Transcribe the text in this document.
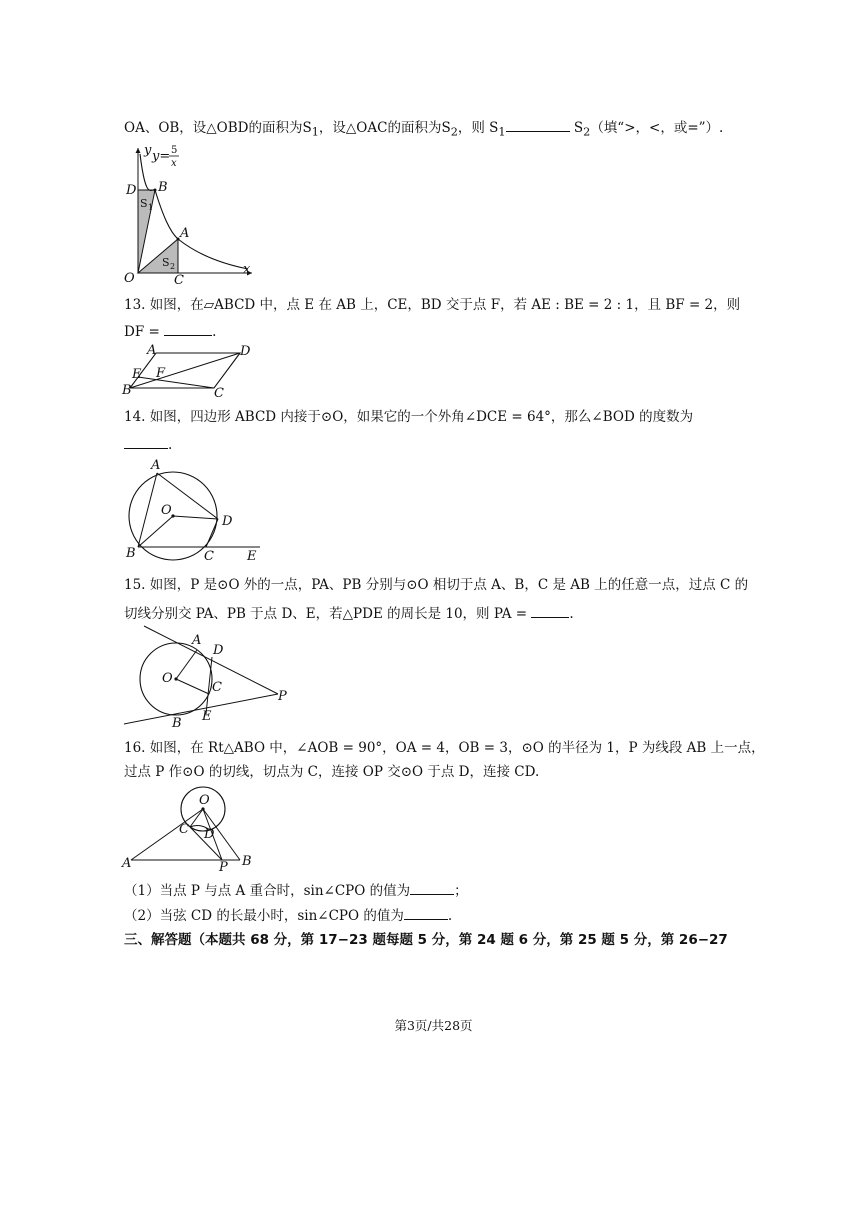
OA、OB，设△OBD的面积为$S_1$，设△OAC的面积为$S_2$，则 $S_1$	$S_2$（填“>，<，或=”）.
y y= 5
x
D B
S 1
A
S 2
O	C
x
13. 如图，在▱ABCD 中，点 E 在 AB 上，CE，BD 交于点 F，若 AE : BE = 2 : 1，且 BF = 2，则
DF =	.
A	D
E F
B	C
14. 如图，四边形 ABCD 内接于⊙O，如果它的一个外角∠DCE = 64°，那么∠BOD 的度数为
.
A
O
D
B	C	E
15. 如图，P 是⊙O 外的一点，PA、PB 分别与⊙O 相切于点 A、B，C 是 AB 上的任意一点，过点 C 的
切线分别交 PA、PB 于点 D、E，若△PDE 的周长是 10，则 PA =	.
A
D
O
C
P
B E
16. 如图，在 Rt△ABO 中，∠AOB = 90°，OA = 4，OB = 3，⊙O 的半径为 1，P 为线段 AB 上一点，
过点 P 作⊙O 的切线，切点为 C，连接 OP 交⊙O 于点 D，连接 CD.
O
C D
A	P B
（1）当点 P 与点 A 重合时，sin∠CPO 的值为	；
（2）当弦 CD 的长最小时，sin∠CPO 的值为	.
三、解答题（本题共 68 分，第 17−23 题每题 5 分，第 24 题 6 分，第 25 题 5 分，第 26−27
第3页/共28页
